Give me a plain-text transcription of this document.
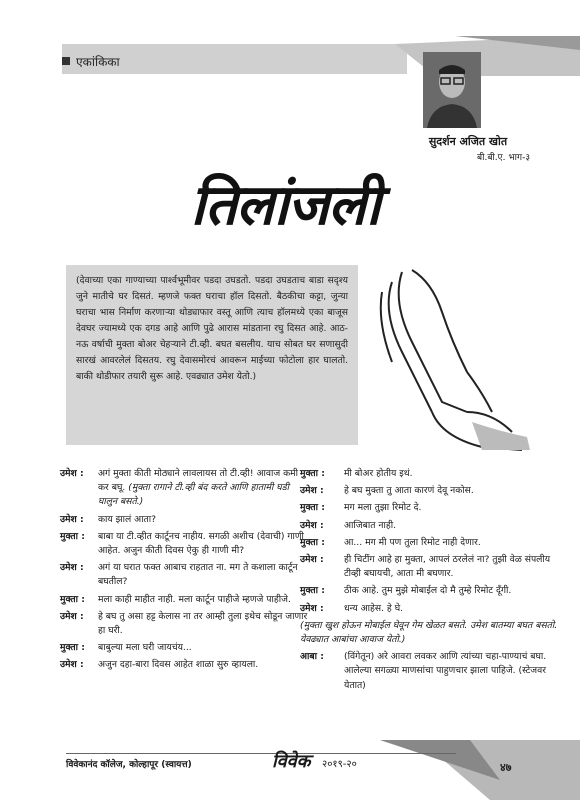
एकांकिका
सुदर्शन अजित खोत
बी.बी.ए. भाग-३
तिलांजली
(देवाच्या एका गाण्याच्या पार्श्वभूमीवर पडदा उघडतो. पडदा उघडताच बाडा सदृश्य जुने मातीचे घर दिसतं. म्हणजे फक्त घराचा हॉल दिसतो. बैठकीचा कट्टा, जुन्या घराचा भास निर्माण करणाऱ्या थोड्याफार वस्तू आणि त्याच हॉलमध्ये एका बाजूस देवघर ज्यामध्ये एक दगड आहे आणि पुढे आरास मांडताना रघु दिसत आहे. आठ-नऊ वर्षाची मुक्ता बोअर चेहऱ्याने टी.व्ही. बघत बसलीय. याच सोबत घर सणासुदी सारखं आवरलेलं दिसतय. रघु देवासमोरचं आवरून माईच्या फोटोला हार घालतो. बाकी थोडीफार तयारी सुरू आहे. एवढ्यात उमेश येतो.)
उमेश :	अगं मुक्ता कीती मोठ्याने लावलायस तो टी.व्ही! आवाज कमी कर बघू. (मुक्ता रागाने टी.व्ही बंद करते आणि हातामी घडी घालुन बसते.)
उमेश :	काय झालं आता?
मुक्ता :	बाबा या टी.व्हीत कार्टूनच नाहीय. सगळी अशीच (देवाची) गाणी आहेत. अजुन कीती दिवस ऐकु ही गाणी मी?
उमेश :	अगं या घरात फक्त आबाच राहतात ना. मग ते कशाला कार्टून बघतील?
मुक्ता :	मला काही माहीत नाही. मला कार्टून पाहीजे म्हणजे पाहीजे.
उमेश :	हे बघ तु असा हट्ट केलास ना तर आम्ही तुला इथेच सोडून जाणार हा घरी.
मुक्ता :	बाबुल्या मला घरी जायचंय...
उमेश :	अजुन दहा-बारा दिवस आहेत शाळा सुरु व्हायला.
मुक्ता :	मी बोअर होतीय इथं.
उमेश :	हे बघ मुक्ता तु आता कारणं देवू नकोस.
मुक्ता :	मग मला तुझा रिमोट दे.
उमेश :	आजिबात नाही.
मुक्ता :	आ... मग मी पण तुला रिमोट नाही देणार.
उमेश :	ही चिटींग आहे हा मुक्ता, आपलं ठरलेलं ना? तुझी वेळ संपलीय टीव्ही बघायची, आता मी बघणार.
मुक्ता :	ठीक आहे. तुम मुझे मोबाईल दो मै तुम्हे रिमोट दूँगी.
उमेश :	धन्य आहेस. हे घे.
(मुक्ता खुश होऊन मोबाईल घेवून गेम खेळत बसते. उमेश बातम्या बघत बसतो. येवढ्यात आबांचा आवाज येतो.)
आबा :	(विंगेतून) अरे आवरा लवकर आणि त्यांच्या चहा-पाण्याचं बघा. आलेल्या सगळ्या माणसांचा पाहुणचार झाला पाहिजे. (स्टेजवर येतात)
विवेकानंद कॉलेज, कोल्हापूर (स्वायत्त)	विवेक २०१९-२०	४७
